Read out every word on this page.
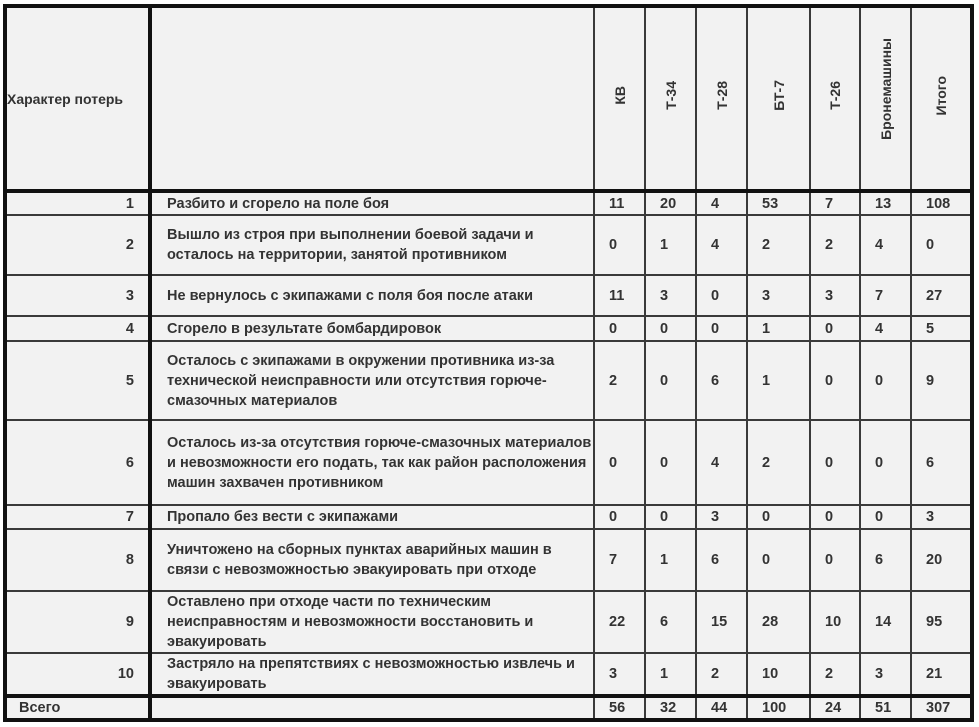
Характер потерь		КВ	Т-34	Т-28	БТ-7	Т-26	Бронемашины	Итого
1	Разбито и сгорело на поле боя	11	20	4	53	7	13	108
2	Вышло из строя при выполнении боевой задачи и осталось на территории, занятой противником	0	1	4	2	2	4	0
3	Не вернулось с экипажами с поля боя после атаки	11	3	0	3	3	7	27
4	Сгорело в результате бомбардировок	0	0	0	1	0	4	5
5	Осталось с экипажами в окружении противника из-за технической неисправности или отсутствия горюче-смазочных материалов	2	0	6	1	0	0	9
6	Осталось из-за отсутствия горюче-смазочных материалов и невозможности его подать, так как район расположения машин захвачен противником	0	0	4	2	0	0	6
7	Пропало без вести с экипажами	0	0	3	0	0	0	3
8	Уничтожено на сборных пунктах аварийных машин в связи с невозможностью эвакуировать при отходе	7	1	6	0	0	6	20
9	Оставлено при отходе части по техническим неисправностям и невозможности восстановить и эвакуировать	22	6	15	28	10	14	95
10	Застряло на препятствиях с невозможностью извлечь и эвакуировать	3	1	2	10	2	3	21
Всего		56	32	44	100	24	51	307
